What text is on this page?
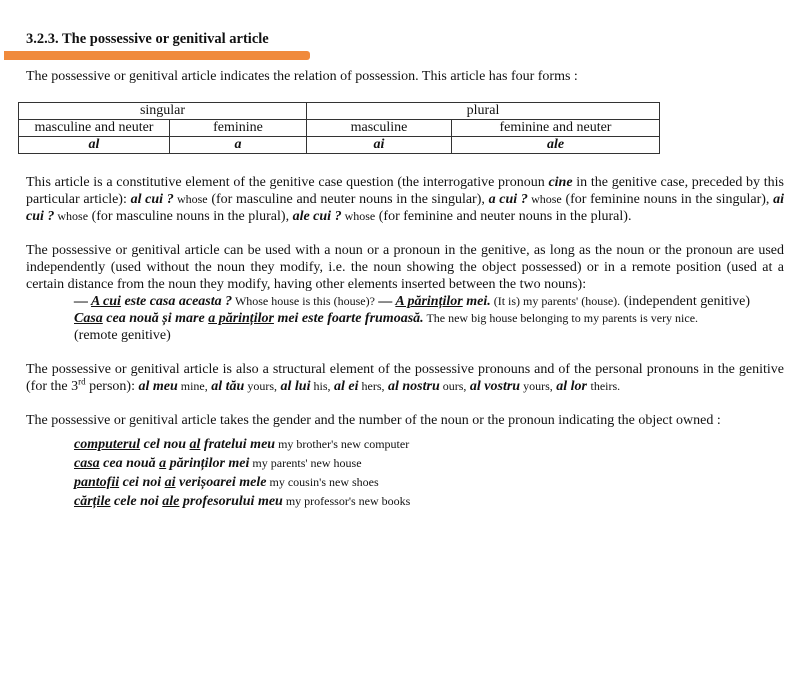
3.2.3. The possessive or genitival article

The possessive or genitival article indicates the relation of possession. This article has four forms :

singular		plural	
masculine and neuter	feminine	masculine	feminine and neuter
al	a	ai	ale

This article is a constitutive element of the genitive case question (the interrogative pronoun cine in the genitive case, preceded by this particular article): al cui ? whose (for masculine and neuter nouns in the singular), a cui ? whose (for feminine nouns in the singular), ai cui ? whose (for masculine nouns in the plural), ale cui ? whose (for feminine and neuter nouns in the plural).

The possessive or genitival article can be used with a noun or a pronoun in the genitive, as long as the noun or the pronoun are used independently (used without the noun they modify, i.e. the noun showing the object possessed) or in a remote position (used at a certain distance from the noun they modify, having other elements inserted between the two nouns):

— A cui este casa aceasta ? Whose house is this (house)? — A părinților mei. (It is) my parents' (house). (independent genitive)
Casa cea nouă și mare a părinților mei este foarte frumoasă. The new big house belonging to my parents is very nice.
(remote genitive)

The possessive or genitival article is also a structural element of the possessive pronouns and of the personal pronouns in the genitive (for the 3rd person): al meu mine, al tău yours, al lui his, al ei hers, al nostru ours, al vostru yours, al lor theirs.

The possessive or genitival article takes the gender and the number of the noun or the pronoun indicating the object owned :

computerul cel nou al fratelui meu my brother's new computer
casa cea nouă a părinților mei my parents' new house
pantofii cei noi ai verișoarei mele my cousin's new shoes
cărțile cele noi ale profesorului meu my professor's new books
